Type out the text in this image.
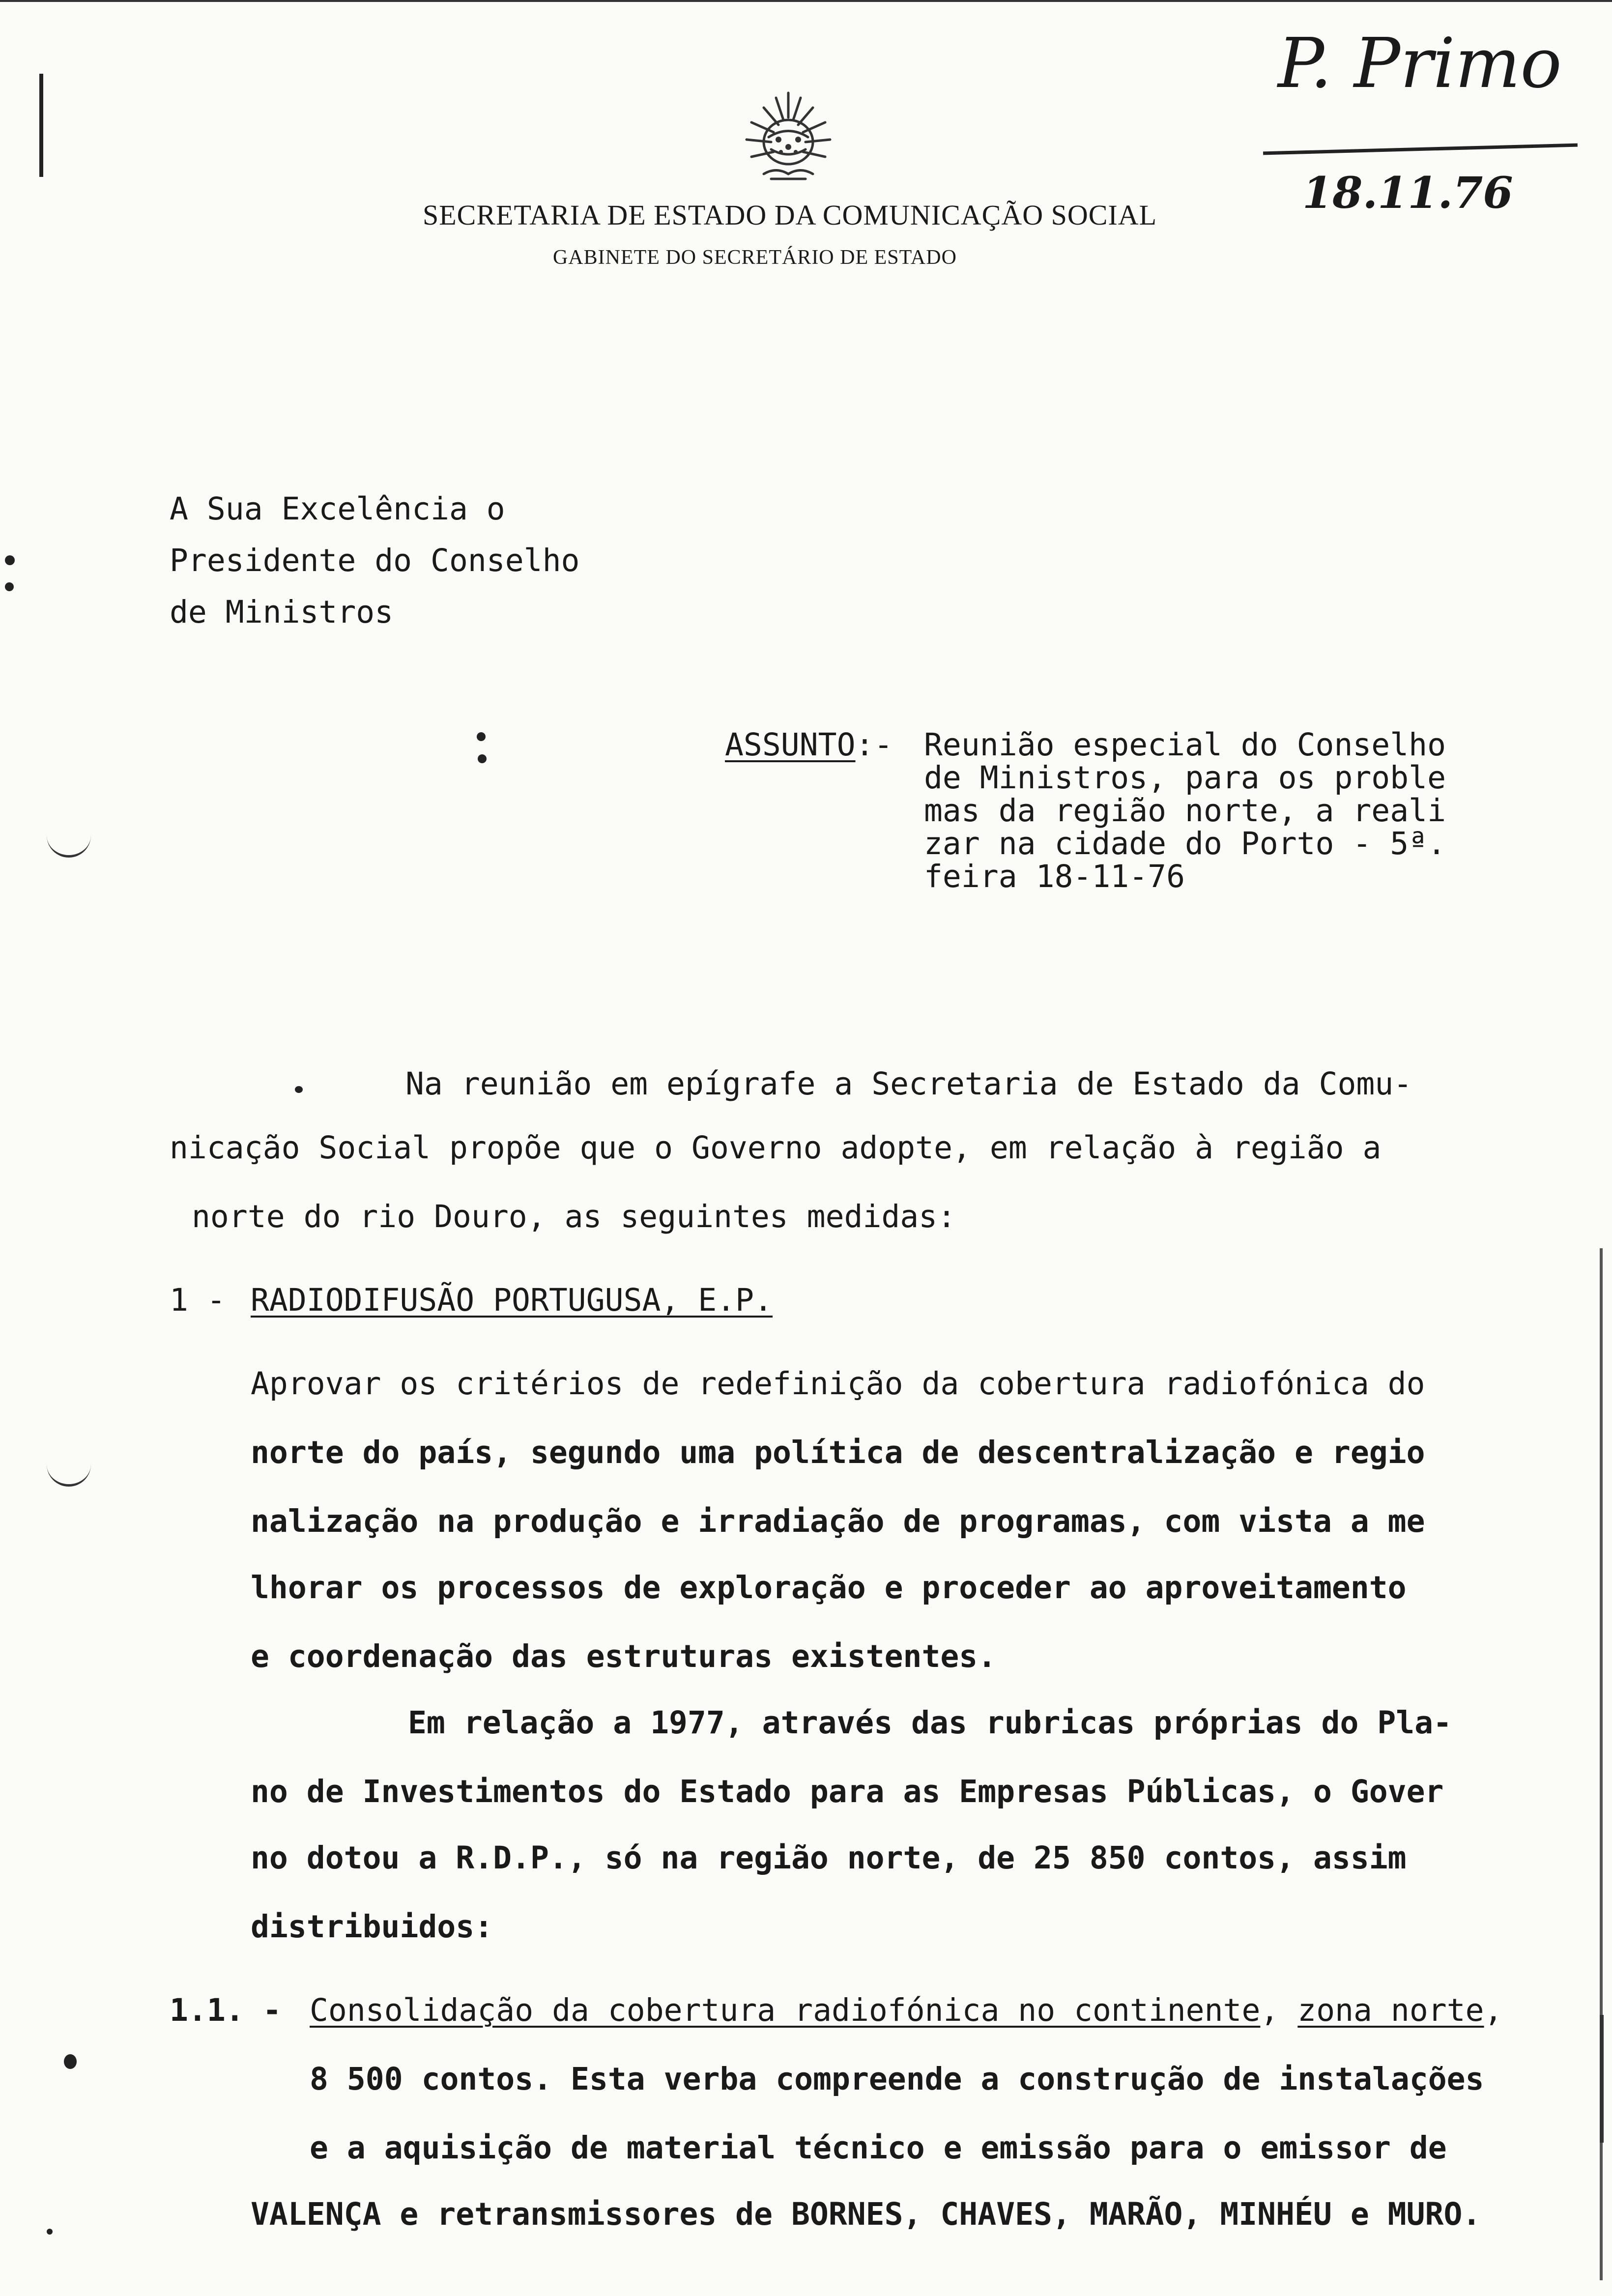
SECRETARIA DE ESTADO DA COMUNICAÇÃO SOCIAL
GABINETE DO SECRETÁRIO DE ESTADO
P. Primo
18.11.76
A Sua Excelência o
Presidente do Conselho
de Ministros
ASSUNTO:- Reunião especial do Conselho
de Ministros, para os proble
mas da região norte, a reali
zar na cidade do Porto - 5ª.
feira 18-11-76
Na reunião em epígrafe a Secretaria de Estado da Comu-
nicação Social propõe que o Governo adopte, em relação à região a
norte do rio Douro, as seguintes medidas:
1 - RADIODIFUSÃO PORTUGUSA, E.P.
Aprovar os critérios de redefinição da cobertura radiofónica do
norte do país, segundo uma política de descentralização e regio
nalização na produção e irradiação de programas, com vista a me
lhorar os processos de exploração e proceder ao aproveitamento
e coordenação das estruturas existentes.
Em relação a 1977, através das rubricas próprias do Pla-
no de Investimentos do Estado para as Empresas Públicas, o Gover
no dotou a R.D.P., só na região norte, de 25 850 contos, assim
distribuidos:
1.1. - Consolidação da cobertura radiofónica no continente, zona norte,
8 500 contos. Esta verba compreende a construção de instalações
e a aquisição de material técnico e emissão para o emissor de
VALENÇA e retransmissores de BORNES, CHAVES, MARÃO, MINHÉU e MURO.
